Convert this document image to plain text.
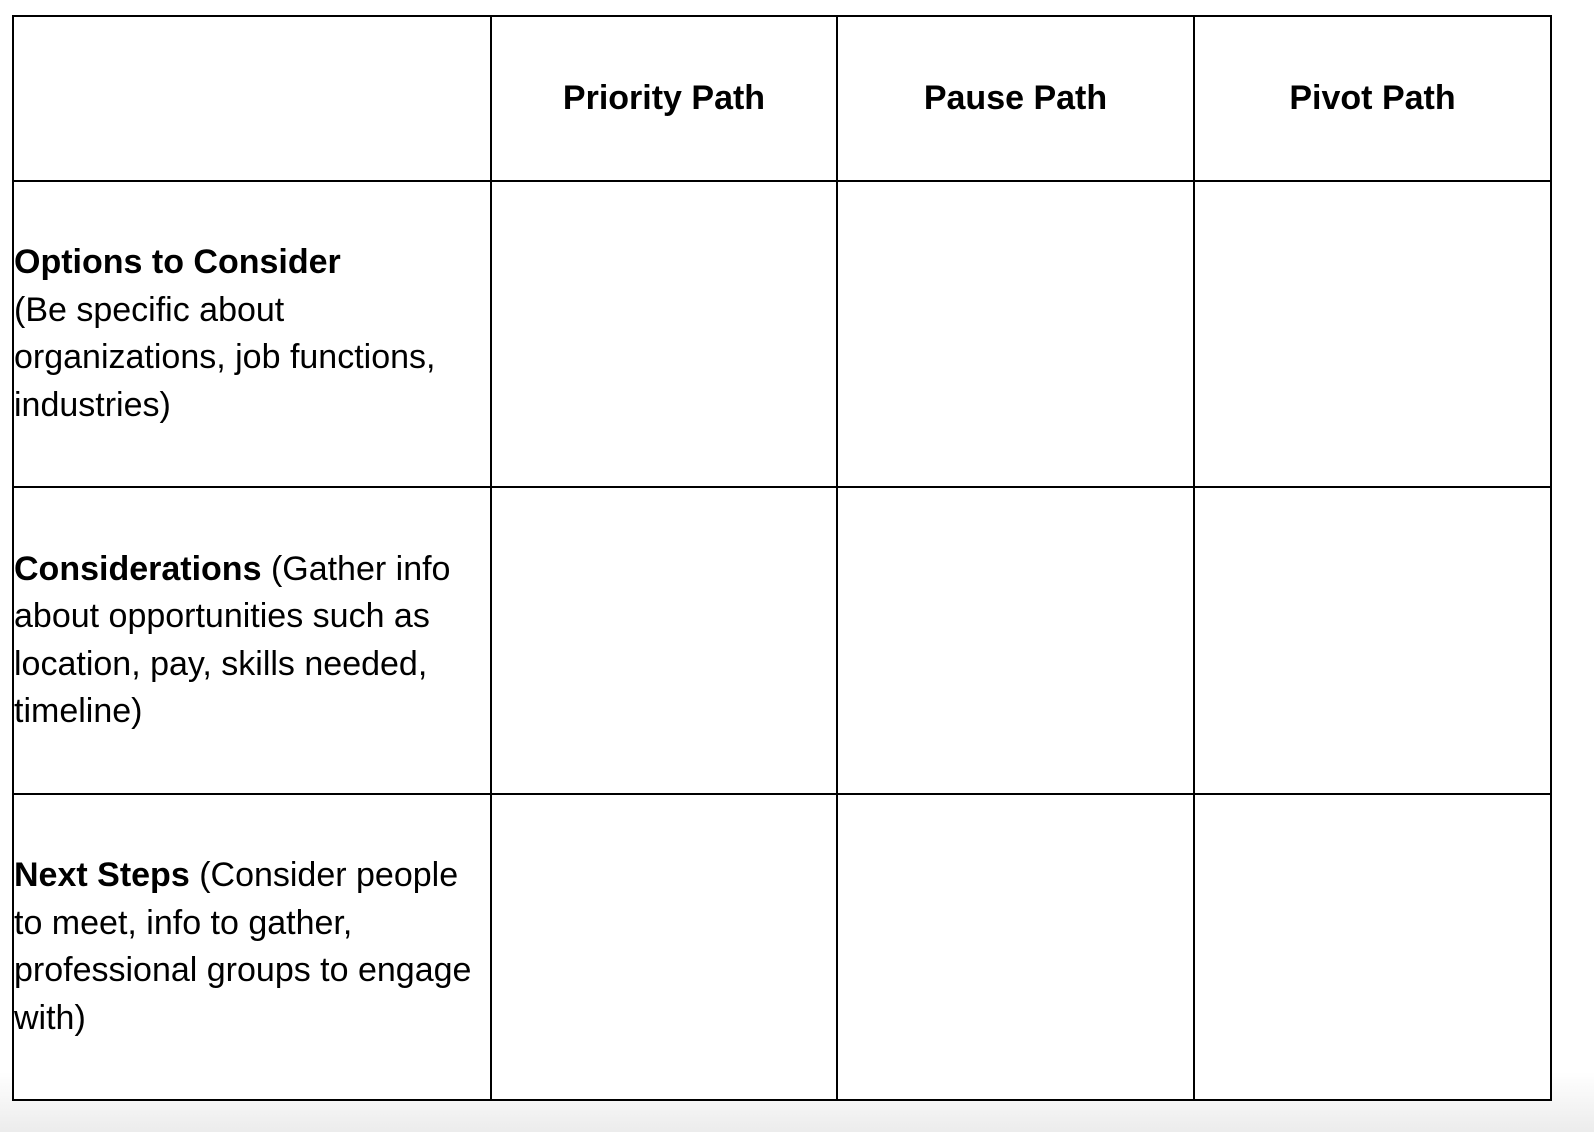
	Priority Path	Pause Path	Pivot Path
Options to Consider
(Be specific about organizations, job functions, industries)			
Considerations (Gather info about opportunities such as location, pay, skills needed, timeline)			
Next Steps (Consider people to meet, info to gather, professional groups to engage with)			
